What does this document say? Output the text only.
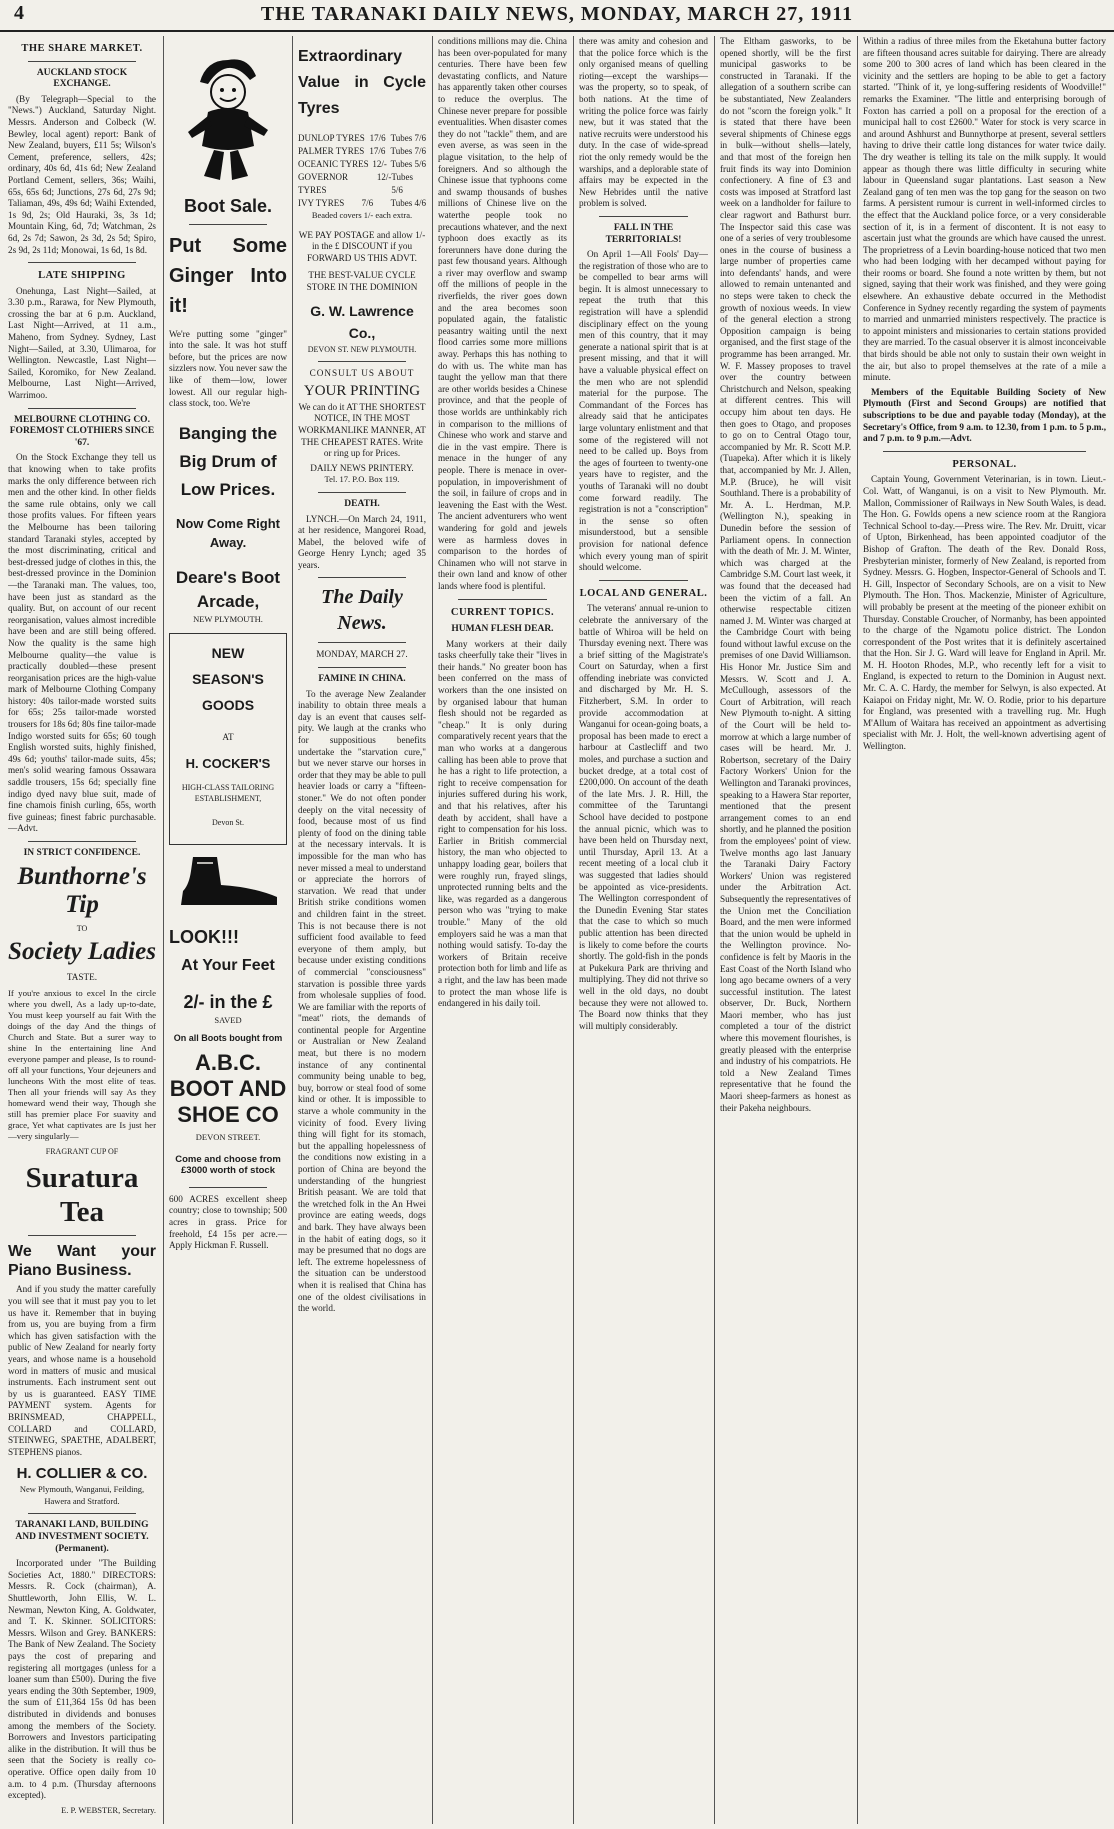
4	THE TARANAKI DAILY NEWS, MONDAY, MARCH 27, 1911
THE SHARE MARKET.
AUCKLAND STOCK EXCHANGE.

(By Telegraph—Special to the "News.") Auckland, Saturday Night. Messrs. Anderson and Colbeck (W. Bewley, local agent) report: Bank of New Zealand, buyers, £11 5s; Wilson's Cement, preference, sellers, 42s; ordinary, 40s 6d, 41s 6d; New Zealand Portland Cement, sellers, 36s; Waihi, 65s, 65s 6d; Junctions, 27s 6d, 27s 9d; Taliaman, 49s, 49s 6d; Waihi Extended, 1s 9d, 2s; Old Hauraki, 3s, 3s 1d; Mountain King, 6d, 7d; Watchman, 2s 6d, 2s 7d; Sawon, 2s 3d, 2s 5d; Spiro, 2s 9d, 2s 11d; Monowai, 1s 6d, 1s 8d.

LATE SHIPPING

Onehunga, Last Night—Sailed, at 3.30 p.m., Rarawa, for New Plymouth, crossing the bar at 6 p.m. Auckland, Last Night—Arrived, at 11 a.m., Maheno, from Sydney. Sydney, Last Night—Sailed, at 3.30, Ulimaroa, for Wellington. Newcastle, Last Night—Sailed, Koromiko, for New Zealand. Melbourne, Last Night—Arrived, Warrimoo.

MELBOURNE CLOTHING CO. FOREMOST CLOTHIERS SINCE '67.

On the Stock Exchange they tell us that knowing when to take profits marks the only difference between rich men and the other kind. In other fields the same rule obtains, only we call those profits values. For fifteen years the Melbourne has been tailoring standard Taranaki styles, accepted by the most discriminating, critical and best-dressed judge of clothes in this, the best-dressed province in the Dominion—the Taranaki man. The values, too, have been just as standard as the quality. But, on account of our recent reorganisation, values almost incredible have been and are still being offered. Now the quality is the same high Melbourne quality—the value is practically doubled—these present reorganisation prices are the high-value mark of Melbourne Clothing Company history: 40s tailor-made worsted suits for 65s; 25s tailor-made worsted trousers for 18s 6d; 80s fine tailor-made Indigo worsted suits for 65s; 60 tough English worsted suits, highly finished, 49s 6d; youths' tailor-made suits, 45s; men's solid wearing famous Ossawara saddle trousers, 15s 6d; specially fine indigo dyed navy blue suit, made of fine chamois finish curling, 65s, worth five guineas; finest fabric purchasable.—Advt.

IN STRICT CONFIDENCE.
Bunthorne's Tip
TO
Society Ladies
TASTE.

If you're anxious to excel In the circle where you dwell, As a lady up-to-date, You must keep yourself au fait With the doings of the day And the things of Church and State. But a surer way to shine In the entertaining line And everyone pamper and please, Is to round-off all your functions, Your dejeuners and luncheons With the most elite of teas. Then all your friends will say As they homeward wend their way, Though she still has premier place For suavity and grace, Yet what captivates are Is just her—very singularly—

FRAGRANT CUP OF
Suratura Tea
We Want your Piano Business.

And if you study the matter carefully you will see that it must pay you to let us have it. Remember that in buying from us, you are buying from a firm which has given satisfaction with the public of New Zealand for nearly forty years, and whose name is a household word in matters of music and musical instruments. Each instrument sent out by us is guaranteed. EASY TIME PAYMENT system. Agents for BRINSMEAD, CHAPPELL, COLLARD and COLLARD, STEINWEG, SPAETHE, ADALBERT, STEPHENS pianos.

H. COLLIER & CO.
New Plymouth, Wanganui, Feilding, Hawera and Stratford.
TARANAKI LAND, BUILDING AND INVESTMENT SOCIETY. (Permanent).

Incorporated under "The Building Societies Act, 1880." DIRECTORS: Messrs. R. Cock (chairman), A. Shuttleworth, John Ellis, W. L. Newman, Newton King, A. Goldwater, and T. K. Skinner. SOLICITORS: Messrs. Wilson and Grey. BANKERS: The Bank of New Zealand. The Society pays the cost of preparing and registering all mortgages (unless for a loaner sum than £500). During the five years ending the 30th September, 1909, the sum of £11,364 15s 0d has been distributed in dividends and bonuses among the members of the Society. Borrowers and Investors participating alike in the distribution. It will thus be seen that the Society is really co-operative. Office open daily from 10 a.m. to 4 p.m. (Thursday afternoons excepted).

E. P. WEBSTER, Secretary.
Boot Sale.
Put Some Ginger Into it!

We're putting some "ginger" into the sale. It was hot stuff before, but the prices are now sizzlers now. You never saw the like of them—low, lower lowest. All our regular high-class stock, too. We're

Banging the Big Drum of Low Prices.
Now Come Right Away.
Deare's Boot Arcade,
NEW PLYMOUTH.
NEW SEASON'S GOODS
AT
H. COCKER'S
HIGH-CLASS TAILORING ESTABLISHMENT,
Devon St.
LOOK!!!
At Your Feet
2/- in the £
SAVED
On all Boots bought from
A.B.C. BOOT AND SHOE CO
DEVON STREET.
Come and choose from £3000 worth of stock

600 ACRES excellent sheep country; close to township; 500 acres in grass. Price for freehold, £4 15s per acre.—Apply Hickman F. Russell.

Extraordinary Value in Cycle Tyres
DUNLOP TYRES 17/6 Tubes 7/6
PALMER TYRES 17/6 Tubes 7/6
OCEANIC TYRES 12/- Tubes 5/6
GOVERNOR TYRES
12/- Tubes 5/6
IVY TYRES 7/6 Tubes 4/6
Beaded covers 1/- each extra.

WE PAY POSTAGE and allow 1/- in the £ DISCOUNT if you FORWARD US THIS ADVT.

THE BEST-VALUE CYCLE STORE IN THE DOMINION

G. W. Lawrence Co.,
DEVON ST. NEW PLYMOUTH.
CONSULT US ABOUT
YOUR PRINTING

We can do it AT THE SHORTEST NOTICE, IN THE MOST WORKMANLIKE MANNER, AT THE CHEAPEST RATES. Write or ring up for Prices.

DAILY NEWS PRINTERY.
Tel. 17. P.O. Box 119.
DEATH.

LYNCH.—On March 24, 1911, at her residence, Mangorei Road, Mabel, the beloved wife of George Henry Lynch; aged 35 years.

The Daily News.
MONDAY, MARCH 27.
FAMINE IN CHINA.

To the average New Zealander inability to obtain three meals a day is an event that causes self-pity. We laugh at the cranks who for suppositious benefits undertake the "starvation cure," but we never starve our horses in order that they may be able to pull heavier loads or carry a "fifteen-stoner." We do not often ponder deeply on the vital necessity of food, because most of us find plenty of food on the dining table at the necessary intervals. It is impossible for the man who has never missed a meal to understand or appreciate the horrors of starvation. We read that under British strike conditions women and children faint in the street. This is not because there is not sufficient food available to feed everyone of them amply, but because under existing conditions of commercial "consciousness" starvation is possible three yards from wholesale supplies of food. We are familiar with the reports of "meat" riots, the demands of continental people for Argentine or Australian or New Zealand meat, but there is no modern instance of any continental community being unable to beg, buy, borrow or steal food of some kind or other. It is impossible to starve a whole community in the vicinity of food. Every living thing will fight for its stomach, but the appalling hopelessness of the conditions now existing in a portion of China are beyond the understanding of the hungriest British peasant. We are told that the wretched folk in the An Hwei province are eating weeds, dogs and bark. They have always been in the habit of eating dogs, so it may be presumed that no dogs are left. The extreme hopelessness of the situation can be understood when it is realised that China has one of the oldest civilisations in the world.

conditions millions may die. China has been over-populated for many centuries. There have been few devastating conflicts, and Nature has apparently taken other courses to reduce the overplus. The Chinese never prepare for possible eventualities. When disaster comes they do not "tackle" them, and are even averse, as was seen in the plague visitation, to the help of foreigners. And so although the Chinese issue that typhoons come and swamp thousands of bushes millions of Chinese live on the waterthe people took no precautions whatever, and the next typhoon does exactly as its forerunners have done during the past few thousand years. Although a river may overflow and swamp off the millions of people in the riverfields, the river goes down and the area becomes soon populated again, the fatalistic peasantry waiting until the next flood carries some more millions away. Perhaps this has nothing to do with us. The white man has taught the yellow man that there are other worlds besides a Chinese province, and that the people of those worlds are unthinkably rich in comparison to the millions of Chinese who work and starve and die in the vast empire. There is menace in the hunger of any people. There is menace in over-population, in impoverishment of the soil, in failure of crops and in leavening the East with the West. The ancient adventurers who went wandering for gold and jewels were as harmless doves in comparison to the hordes of Chinamen who will not starve in their own land and know of other lands where food is plentiful.

CURRENT TOPICS.
HUMAN FLESH DEAR.

Many workers at their daily tasks cheerfully take their "lives in their hands." No greater boon has been conferred on the mass of workers than the one insisted on by organised labour that human flesh should not be regarded as "cheap." It is only during comparatively recent years that the man who works at a dangerous calling has been able to prove that he has a right to life protection, a right to receive compensation for injuries suffered during his work, and that his relatives, after his death by accident, shall have a right to compensation for his loss. Earlier in British commercial history, the man who objected to unhappy loading gear, boilers that were roughly run, frayed slings, unprotected running belts and the like, was regarded as a dangerous person who was "trying to make trouble." Many of the old employers said he was a man that nothing would satisfy. To-day the workers of Britain receive protection both for limb and life as a right, and the law has been made to protect the man whose life is endangered in his daily toil.

there was amity and cohesion and that the police force which is the only organised means of quelling rioting—except the warships—was the property, so to speak, of both nations. At the time of writing the police force was fairly new, but it was stated that the native recruits were understood his duty. In the case of wide-spread riot the only remedy would be the warships, and a deplorable state of affairs may be expected in the New Hebrides until the native problem is solved.

FALL IN THE TERRITORIALS!

On April 1—All Fools' Day—the registration of those who are to be compelled to bear arms will begin. It is almost unnecessary to repeat the truth that this registration will have a splendid disciplinary effect on the young men of this country, that it may generate a national spirit that is at present missing, and that it will have a valuable physical effect on the men who are not splendid material for the purpose. The Commandant of the Forces has already said that he anticipates large voluntary enlistment and that some of the registered will not need to be called up. Boys from the ages of fourteen to twenty-one years have to register, and the youths of Taranaki will no doubt come forward readily. The registration is not a "conscription" in the sense so often misunderstood, but a sensible provision for national defence which every young man of spirit should welcome.

LOCAL AND GENERAL.

The veterans' annual re-union to celebrate the anniversary of the battle of Whiroa will be held on Thursday evening next. There was a brief sitting of the Magistrate's Court on Saturday, when a first offending inebriate was convicted and discharged by Mr. H. S. Fitzherbert, S.M. In order to provide accommodation at Wanganui for ocean-going boats, a proposal has been made to erect a harbour at Castlecliff and two moles, and purchase a suction and bucket dredge, at a total cost of £200,000. On account of the death of the late Mrs. J. R. Hill, the committee of the Taruntangi School have decided to postpone the annual picnic, which was to have been held on Thursday next, until Thursday, April 13. At a recent meeting of a local club it was suggested that ladies should be appointed as vice-presidents. The Wellington correspondent of the Dunedin Evening Star states that the case to which so much public attention has been directed is likely to come before the courts shortly. The gold-fish in the ponds at Pukekura Park are thriving and multiplying. They did not thrive so well in the old days, no doubt because they were not allowed to. The Board now thinks that they will multiply considerably.

The Eltham gasworks, to be opened shortly, will be the first municipal gasworks to be constructed in Taranaki. If the allegation of a southern scribe can be substantiated, New Zealanders do not "scorn the foreign yolk." It is stated that there have been several shipments of Chinese eggs in bulk—without shells—lately, and that most of the foreign hen fruit finds its way into Dominion confectionery. A fine of £3 and costs was imposed at Stratford last week on a landholder for failure to clear ragwort and Bathurst burr. The Inspector said this case was one of a series of very troublesome ones in the course of business a large number of properties came into defendants' hands, and were allowed to remain untenanted and no steps were taken to check the growth of noxious weeds. In view of the general election a strong Opposition campaign is being organised, and the first stage of the programme has been arranged. Mr. W. F. Massey proposes to travel over the country between Christchurch and Nelson, speaking at different centres. This will occupy him about ten days. He then goes to Otago, and proposes to go on to Central Otago tour, accompanied by Mr. R. Scott M.P. (Tuapeka). After which it is likely that, accompanied by Mr. J. Allen, M.P. (Bruce), he will visit Southland. There is a probability of Mr. A. L. Herdman, M.P. (Wellington N.), speaking in Dunedin before the session of Parliament opens. In connection with the death of Mr. J. M. Winter, which was charged at the Cambridge S.M. Court last week, it was found that the deceased had been the victim of a fall. An otherwise respectable citizen named J. M. Winter was charged at the Cambridge Court with being found without lawful excuse on the premises of one David Williamson. His Honor Mr. Justice Sim and Messrs. W. Scott and J. A. McCullough, assessors of the Court of Arbitration, will reach New Plymouth to-night. A sitting of the Court will be held to-morrow at which a large number of cases will be heard. Mr. J. Robertson, secretary of the Dairy Factory Workers' Union for the Wellington and Taranaki provinces, speaking to a Hawera Star reporter, mentioned that the present arrangement comes to an end shortly, and he planned the position from the employees' point of view. Twelve months ago last January the Taranaki Dairy Factory Workers' Union was registered under the Arbitration Act. Subsequently the representatives of the Union met the Conciliation Board, and the men were informed that the union would be upheld in the Wellington province. No-confidence is felt by Maoris in the East Coast of the North Island who long ago became owners of a very successful institution. The latest observer, Dr. Buck, Northern Maori member, who has just completed a tour of the district where this movement flourishes, is greatly pleased with the enterprise and industry of his compatriots. He told a New Zealand Times representative that he found the Maori sheep-farmers as honest as their Pakeha neighbours.

Within a radius of three miles from the Eketahuna butter factory are fifteen thousand acres suitable for dairying. There are already some 200 to 300 acres of land which has been cleared in the vicinity and the settlers are hoping to be able to get a factory started. "Think of it, ye long-suffering residents of Woodville!" remarks the Examiner. "The little and enterprising borough of Foxton has carried a poll on a proposal for the erection of a municipal hall to cost £2600." Water for stock is very scarce in and around Ashhurst and Bunnythorpe at present, several settlers having to drive their cattle long distances for water twice daily. The dry weather is telling its tale on the milk supply. It would appear as though there was little difficulty in securing white labour in Queensland sugar plantations. Last season a New Zealand gang of ten men was the top gang for the season on two farms. A persistent rumour is current in well-informed circles to the effect that the Auckland police force, or a very considerable section of it, is in a ferment of discontent. It is not easy to ascertain just what the grounds are which have caused the unrest. The proprietress of a Levin boarding-house noticed that two men who had been lodging with her decamped without paying for their rooms or board. She found a note written by them, but not signed, saying that their work was finished, and they were going elsewhere. An exhaustive debate occurred in the Methodist Conference in Sydney recently regarding the system of payments to married and unmarried ministers respectively. The practice is to appoint ministers and missionaries to certain stations provided they are married. To the casual observer it is almost inconceivable that birds should be able not only to sustain their own weight in the air, but also to propel themselves at the rate of a mile a minute.

Members of the Equitable Building Society of New Plymouth (First and Second Groups) are notified that subscriptions to be due and payable today (Monday), at the Secretary's Office, from 9 a.m. to 12.30, from 1 p.m. to 5 p.m., and 7 p.m. to 9 p.m.—Advt.

PERSONAL.

Captain Young, Government Veterinarian, is in town. Lieut.-Col. Watt, of Wanganui, is on a visit to New Plymouth. Mr. Mallon, Commissioner of Railways in New South Wales, is dead. The Hon. G. Fowlds opens a new science room at the Rangiora Technical School to-day.—Press wire. The Rev. Mr. Druitt, vicar of Upton, Birkenhead, has been appointed coadjutor of the Bishop of Grafton. The death of the Rev. Donald Ross, Presbyterian minister, formerly of New Zealand, is reported from Sydney. Messrs. G. Hogben, Inspector-General of Schools and T. H. Gill, Inspector of Secondary Schools, are on a visit to New Plymouth. The Hon. Thos. Mackenzie, Minister of Agriculture, will probably be present at the meeting of the pioneer exhibit on Thursday. Constable Croucher, of Normanby, has been appointed to the charge of the Ngamotu police district. The London correspondent of the Post writes that it is definitely ascertained that the Hon. Sir J. G. Ward will leave for England in April. Mr. M. H. Hooton Rhodes, M.P., who recently left for a visit to England, is expected to return to the Dominion in August next. Mr. C. A. C. Hardy, the member for Selwyn, is also expected. At Kaiapoi on Friday night, Mr. W. O. Rodie, prior to his departure for England, was presented with a travelling rug. Mr. Hugh M'Allum of Waitara has received an appointment as advertising specialist with Mr. J. Holt, the well-known advertising agent of Wellington.
